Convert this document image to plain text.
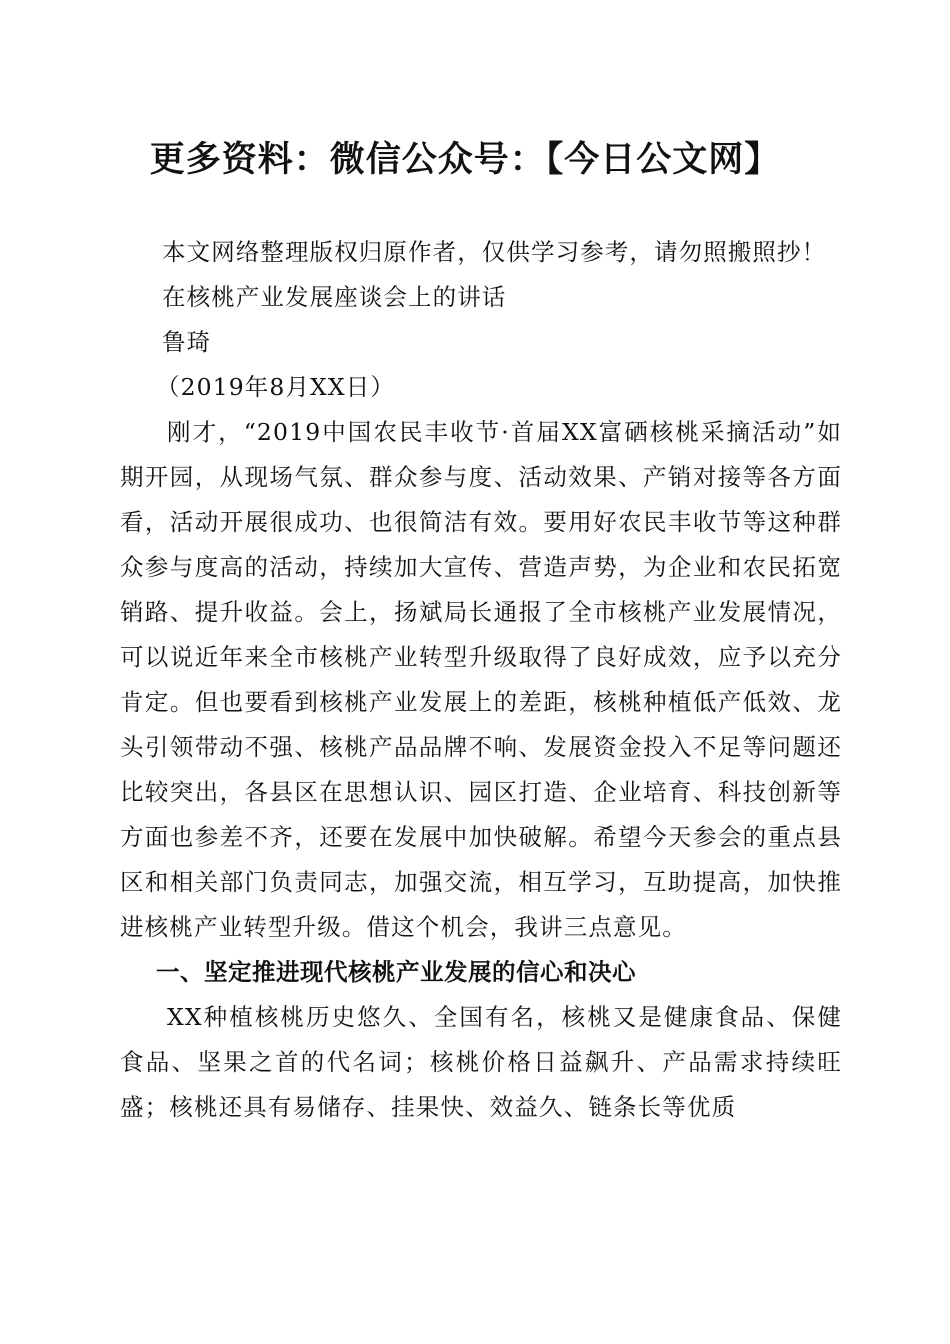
更多资料：微信公众号：【今日公文网】
本文网络整理版权归原作者，仅供学习参考，请勿照搬照抄！
在核桃产业发展座谈会上的讲话
鲁琦
（2019年8月XX日）

刚才，“2019中国农民丰收节·首届XX富硒核桃采摘活动”如期开园，从现场气氛、群众参与度、活动效果、产销对接等各方面看，活动开展很成功、也很简洁有效。要用好农民丰收节等这种群众参与度高的活动，持续加大宣传、营造声势，为企业和农民拓宽销路、提升收益。会上，扬斌局长通报了全市核桃产业发展情况，可以说近年来全市核桃产业转型升级取得了良好成效，应予以充分肯定。但也要看到核桃产业发展上的差距，核桃种植低产低效、龙头引领带动不强、核桃产品品牌不响、发展资金投入不足等问题还比较突出，各县区在思想认识、园区打造、企业培育、科技创新等方面也参差不齐，还要在发展中加快破解。希望今天参会的重点县区和相关部门负责同志，加强交流，相互学习，互助提高，加快推进核桃产业转型升级。借这个机会，我讲三点意见。

一、坚定推进现代核桃产业发展的信心和决心

XX种植核桃历史悠久、全国有名，核桃又是健康食品、保健食品、坚果之首的代名词；核桃价格日益飙升、产品需求持续旺盛；核桃还具有易储存、挂果快、效益久、链条长等优质
